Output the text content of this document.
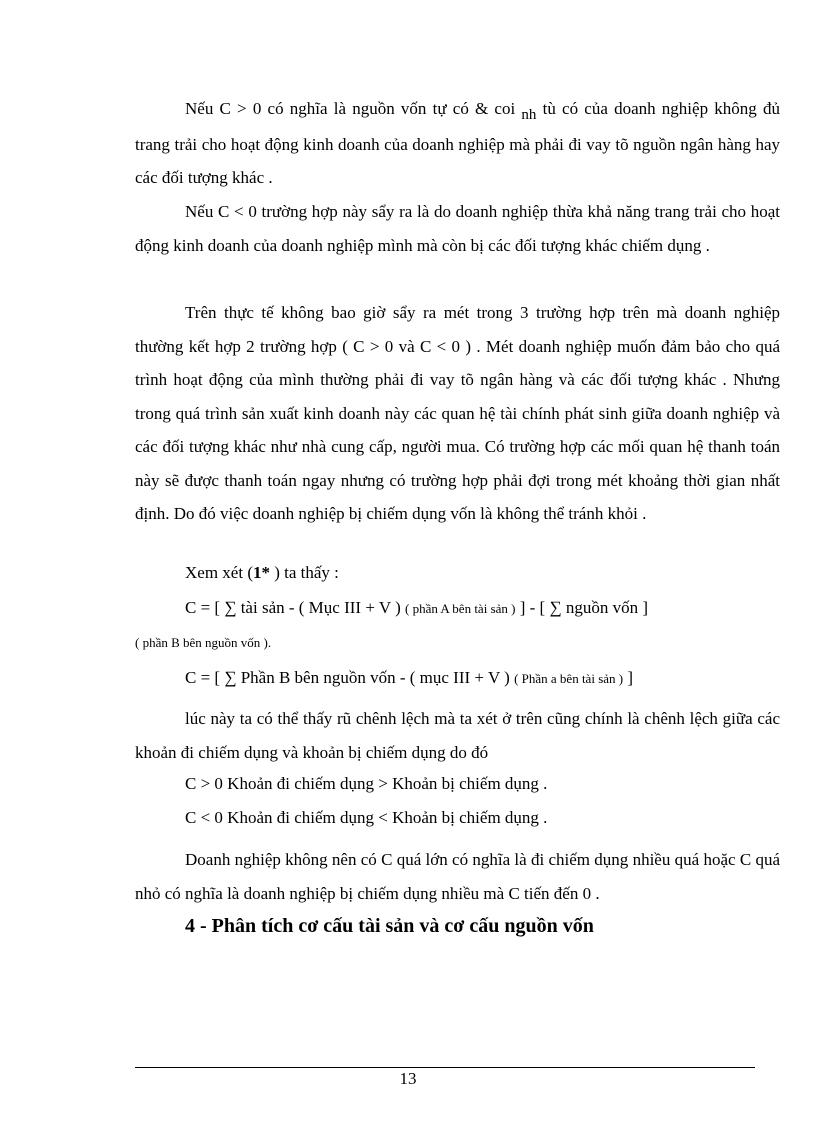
Nếu C > 0 có nghĩa là nguồn vốn tự có & coi nh tù có của doanh nghiệp không đủ trang trải cho hoạt động kinh doanh của doanh nghiệp mà phải đi vay tõ nguồn ngân hàng hay các đối tượng khác .

Nếu C < 0 trường hợp này sẩy ra là do doanh nghiệp thừa khả năng trang trải cho hoạt động kinh doanh của doanh nghiệp mình mà còn bị các đối tượng khác chiếm dụng .

Trên thực tế không bao giờ sẩy ra mét trong 3 trường hợp trên mà doanh nghiệp thường kết hợp 2 trường hợp ( C > 0 và C < 0 ) . Mét doanh nghiệp muốn đảm bảo cho quá trình hoạt động của mình thường phải đi vay tõ ngân hàng và các đối tượng khác . Nhưng trong quá trình sản xuất kinh doanh này các quan hệ tài chính phát sinh giữa doanh nghiệp và các đối tượng khác như nhà cung cấp, người mua. Có trường hợp các mối quan hệ thanh toán này sẽ được thanh toán ngay nhưng có trường hợp phải đợi trong mét khoảng thời gian nhất định. Do đó việc doanh nghiệp bị chiếm dụng vốn là không thể tránh khỏi .

Xem xét (1* ) ta thấy :

C = [ ∑ tài sản - ( Mục III + V ) ( phần A bên tài sản ) ] - [ ∑ nguồn vốn ]

( phần B bên nguồn vốn ).

C = [ ∑ Phần B bên nguồn vốn - ( mục III + V ) ( Phần a bên tài sản ) ]

lúc này ta có thể thấy rũ chênh lệch mà ta xét ở trên cũng chính là chênh lệch giữa các khoản đi chiếm dụng và khoản bị chiếm dụng do đó

C > 0 Khoản đi chiếm dụng > Khoản bị chiếm dụng .

C < 0 Khoản đi chiếm dụng < Khoản bị chiếm dụng .

Doanh nghiệp không nên có C quá lớn có nghĩa là đi chiếm dụng nhiều quá hoặc C quá nhỏ có nghĩa là doanh nghiệp bị chiếm dụng nhiều mà C tiến đến 0 .

4 - Phân tích cơ cấu tài sản và cơ cấu nguồn vốn

13
